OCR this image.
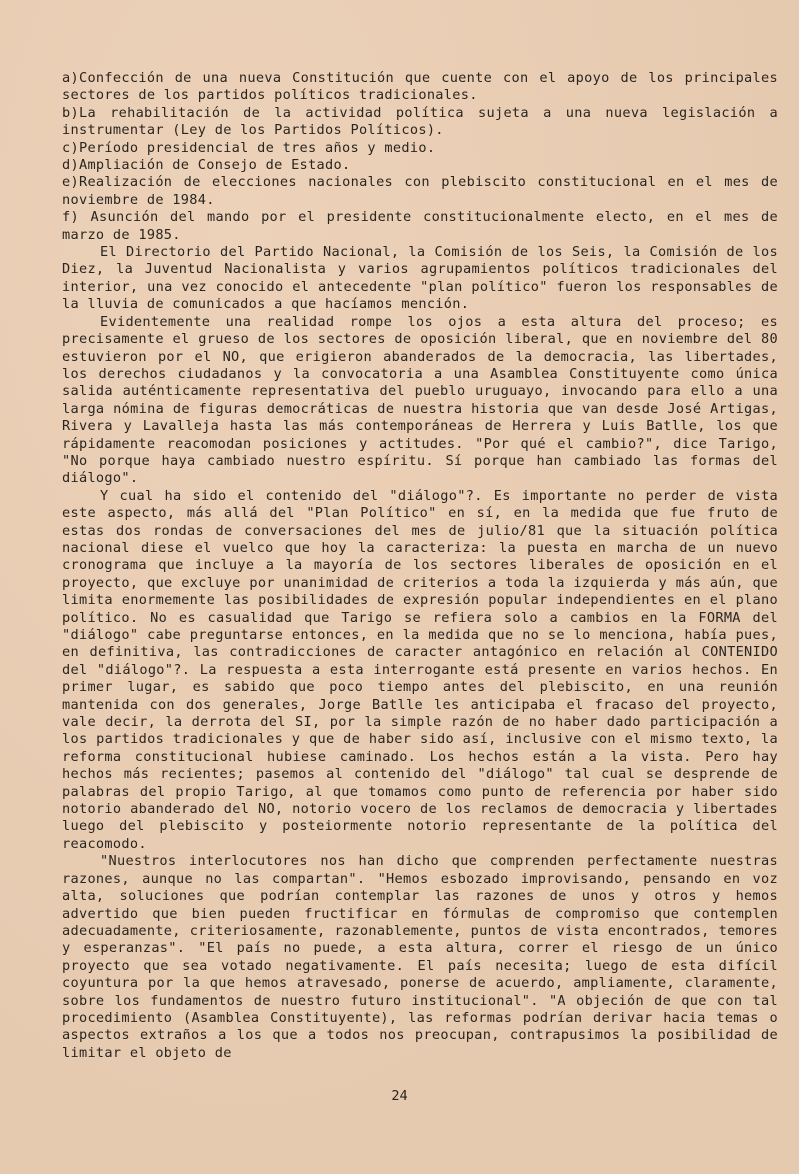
a)Confección de una nueva Constitución que cuente con el apoyo de los principales sectores de los partidos políticos tradicionales.

b)La rehabilitación de la actividad política sujeta a una nueva legislación a instrumentar (Ley de los Partidos Políticos).

c)Período presidencial de tres años y medio.

d)Ampliación de Consejo de Estado.

e)Realización de elecciones nacionales con plebiscito constitucional en el mes de noviembre de 1984.

f) Asunción del mando por el presidente constitucionalmente electo, en el mes de marzo de 1985.

El Directorio del Partido Nacional, la Comisión de los Seis, la Comisión de los Diez, la Juventud Nacionalista y varios agrupamientos políticos tradicionales del interior, una vez conocido el antecedente "plan político" fueron los responsables de la lluvia de comunicados a que hacíamos mención.

Evidentemente una realidad rompe los ojos a esta altura del proceso; es precisamente el grueso de los sectores de oposición liberal, que en noviembre del 80 estuvieron por el NO, que erigieron abanderados de la democracia, las libertades, los derechos ciudadanos y la convocatoria a una Asamblea Constituyente como única salida auténticamente representativa del pueblo uruguayo, invocando para ello a una larga nómina de figuras democráticas de nuestra historia que van desde José Artigas, Rivera y Lavalleja hasta las más contemporáneas de Herrera y Luis Batlle, los que rápidamente reacomodan posiciones y actitudes. "Por qué el cambio?", dice Tarigo, "No porque haya cambiado nuestro espíritu. Sí porque han cambiado las formas del diálogo".

Y cual ha sido el contenido del "diálogo"?. Es importante no perder de vista este aspecto, más allá del "Plan Político" en sí, en la medida que fue fruto de estas dos rondas de conversaciones del mes de julio/81 que la situación política nacional diese el vuelco que hoy la caracteriza: la puesta en marcha de un nuevo cronograma que incluye a la mayoría de los sectores liberales de oposición en el proyecto, que excluye por unanimidad de criterios a toda la izquierda y más aún, que limita enormemente las posibilidades de expresión popular independientes en el plano político. No es casualidad que Tarigo se refiera solo a cambios en la FORMA del "diálogo" cabe preguntarse entonces, en la medida que no se lo menciona, había pues, en definitiva, las contradicciones de caracter antagónico en relación al CONTENIDO del "diálogo"?. La respuesta a esta interrogante está presente en varios hechos. En primer lugar, es sabido que poco tiempo antes del plebiscito, en una reunión mantenida con dos generales, Jorge Batlle les anticipaba el fracaso del proyecto, vale decir, la derrota del SI, por la simple razón de no haber dado participación a los partidos tradicionales y que de haber sido así, inclusive con el mismo texto, la reforma constitucional hubiese caminado. Los hechos están a la vista. Pero hay hechos más recientes; pasemos al contenido del "diálogo" tal cual se desprende de palabras del propio Tarigo, al que tomamos como punto de referencia por haber sido notorio abanderado del NO, notorio vocero de los reclamos de democracia y libertades luego del plebiscito y posteiormente notorio representante de la política del reacomodo.

"Nuestros interlocutores nos han dicho que comprenden perfectamente nuestras razones, aunque no las compartan". "Hemos esbozado improvisando, pensando en voz alta, soluciones que podrían contemplar las razones de unos y otros y hemos advertido que bien pueden fructificar en fórmulas de compromiso que contemplen adecuadamente, criteriosamente, razonablemente, puntos de vista encontrados, temores y esperanzas". "El país no puede, a esta altura, correr el riesgo de un único proyecto que sea votado negativamente. El país necesita; luego de esta difícil coyuntura por la que hemos atravesado, ponerse de acuerdo, ampliamente, claramente, sobre los fundamentos de nuestro futuro institucional". "A objeción de que con tal procedimiento (Asamblea Constituyente), las reformas podrían derivar hacia temas o aspectos extraños a los que a todos nos preocupan, contrapusimos la posibilidad de limitar el objeto de

24
